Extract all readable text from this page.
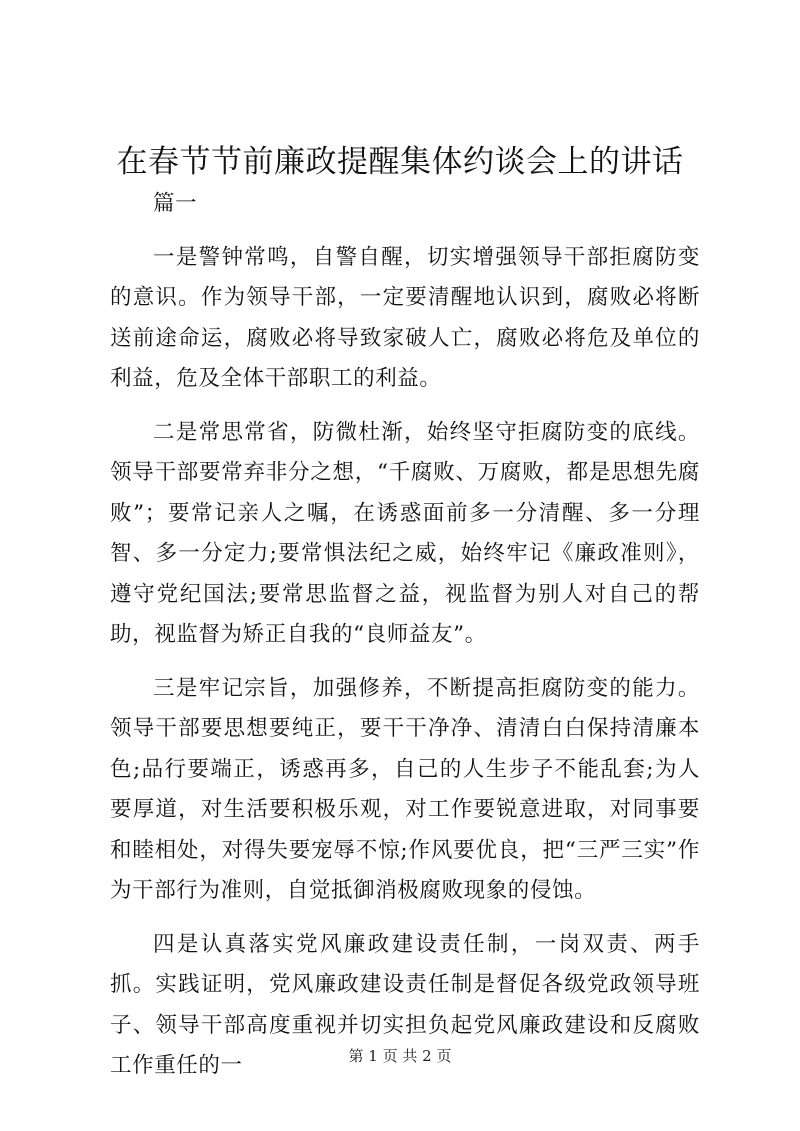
在春节节前廉政提醒集体约谈会上的讲话

篇一

一是警钟常鸣，自警自醒，切实增强领导干部拒腐防变的意识。作为领导干部，一定要清醒地认识到，腐败必将断送前途命运，腐败必将导致家破人亡，腐败必将危及单位的利益，危及全体干部职工的利益。

二是常思常省，防微杜渐，始终坚守拒腐防变的底线。领导干部要常弃非分之想，“千腐败、万腐败，都是思想先腐败”；要常记亲人之嘱，在诱惑面前多一分清醒、多一分理智、多一分定力;要常惧法纪之威，始终牢记《廉政准则》，遵守党纪国法;要常思监督之益，视监督为别人对自己的帮助，视监督为矫正自我的“良师益友”。

三是牢记宗旨，加强修养，不断提高拒腐防变的能力。领导干部要思想要纯正，要干干净净、清清白白保持清廉本色;品行要端正，诱惑再多，自己的人生步子不能乱套;为人要厚道，对生活要积极乐观，对工作要锐意进取，对同事要和睦相处，对得失要宠辱不惊;作风要优良，把“三严三实”作为干部行为准则，自觉抵御消极腐败现象的侵蚀。

四是认真落实党风廉政建设责任制，一岗双责、两手抓。实践证明，党风廉政建设责任制是督促各级党政领导班子、领导干部高度重视并切实担负起党风廉政建设和反腐败工作重任的一	第 1 页 共 2 页
